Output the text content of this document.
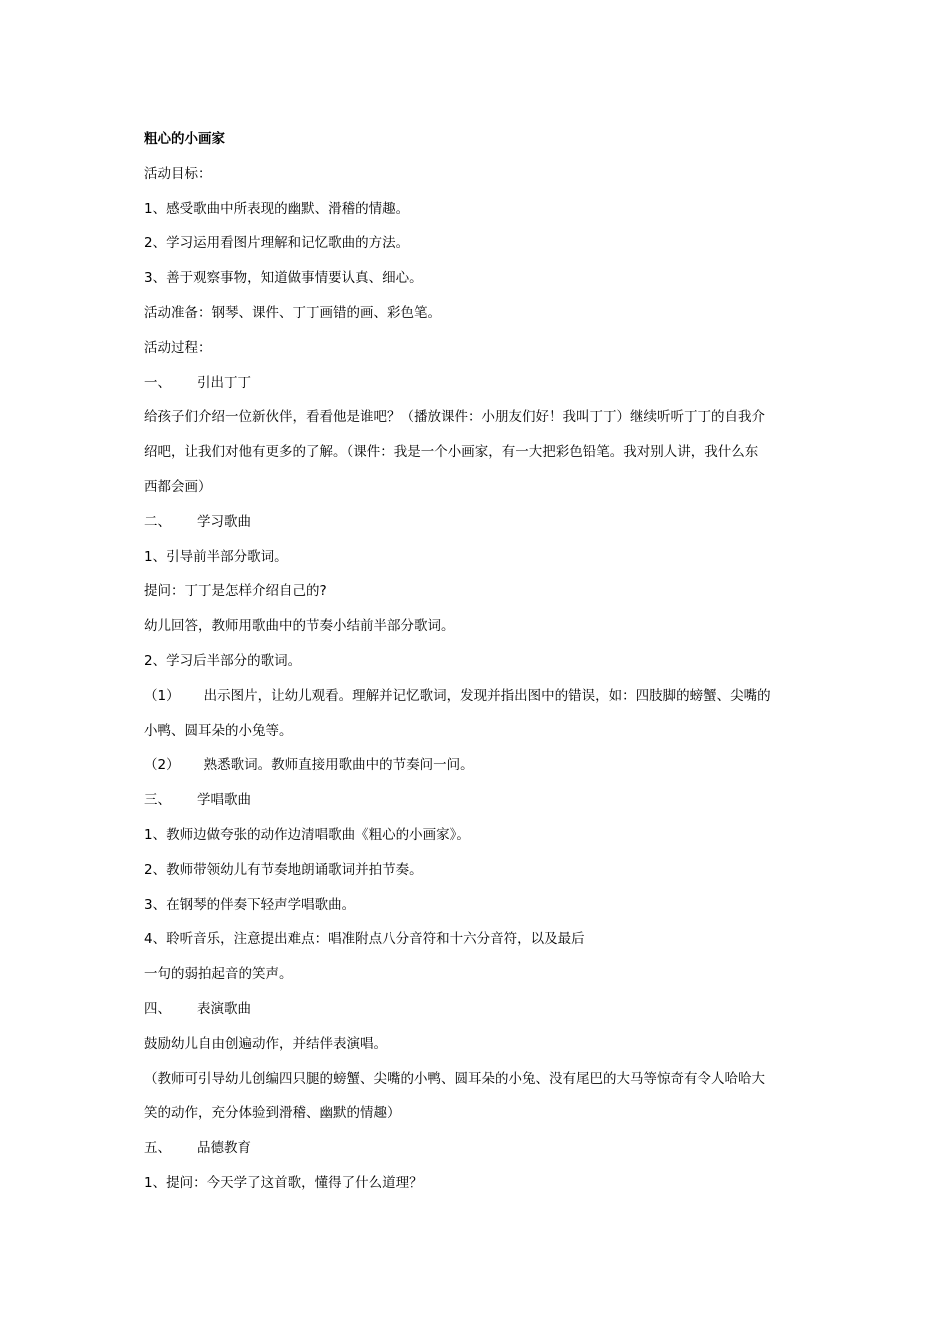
粗心的小画家
活动目标：
1、感受歌曲中所表现的幽默、滑稽的情趣。
2、学习运用看图片理解和记忆歌曲的方法。
3、善于观察事物，知道做事情要认真、细心。
活动准备：钢琴、课件、丁丁画错的画、彩色笔。
活动过程：
一、 引出丁丁
给孩子们介绍一位新伙伴，看看他是谁吧？（播放课件：小朋友们好！我叫丁丁）继续听听丁丁的自我介
绍吧，让我们对他有更多的了解。（课件：我是一个小画家，有一大把彩色铅笔。我对别人讲，我什么东
西都会画）
二、 学习歌曲
1、引导前半部分歌词。
提问：丁丁是怎样介绍自己的?
幼儿回答，教师用歌曲中的节奏小结前半部分歌词。
2、学习后半部分的歌词。
（1） 出示图片，让幼儿观看。理解并记忆歌词，发现并指出图中的错误，如：四肢脚的螃蟹、尖嘴的
小鸭、圆耳朵的小兔等。
（2） 熟悉歌词。教师直接用歌曲中的节奏问一问。
三、 学唱歌曲
1、教师边做夸张的动作边清唱歌曲《粗心的小画家》。
2、教师带领幼儿有节奏地朗诵歌词并拍节奏。
3、在钢琴的伴奏下轻声学唱歌曲。
4、聆听音乐，注意提出难点：唱准附点八分音符和十六分音符，以及最后
一句的弱拍起音的笑声。
四、 表演歌曲
鼓励幼儿自由创遍动作，并结伴表演唱。
（教师可引导幼儿创编四只腿的螃蟹、尖嘴的小鸭、圆耳朵的小兔、没有尾巴的大马等惊奇有令人哈哈大
笑的动作，充分体验到滑稽、幽默的情趣）
五、 品德教育
1、提问：今天学了这首歌，懂得了什么道理？
